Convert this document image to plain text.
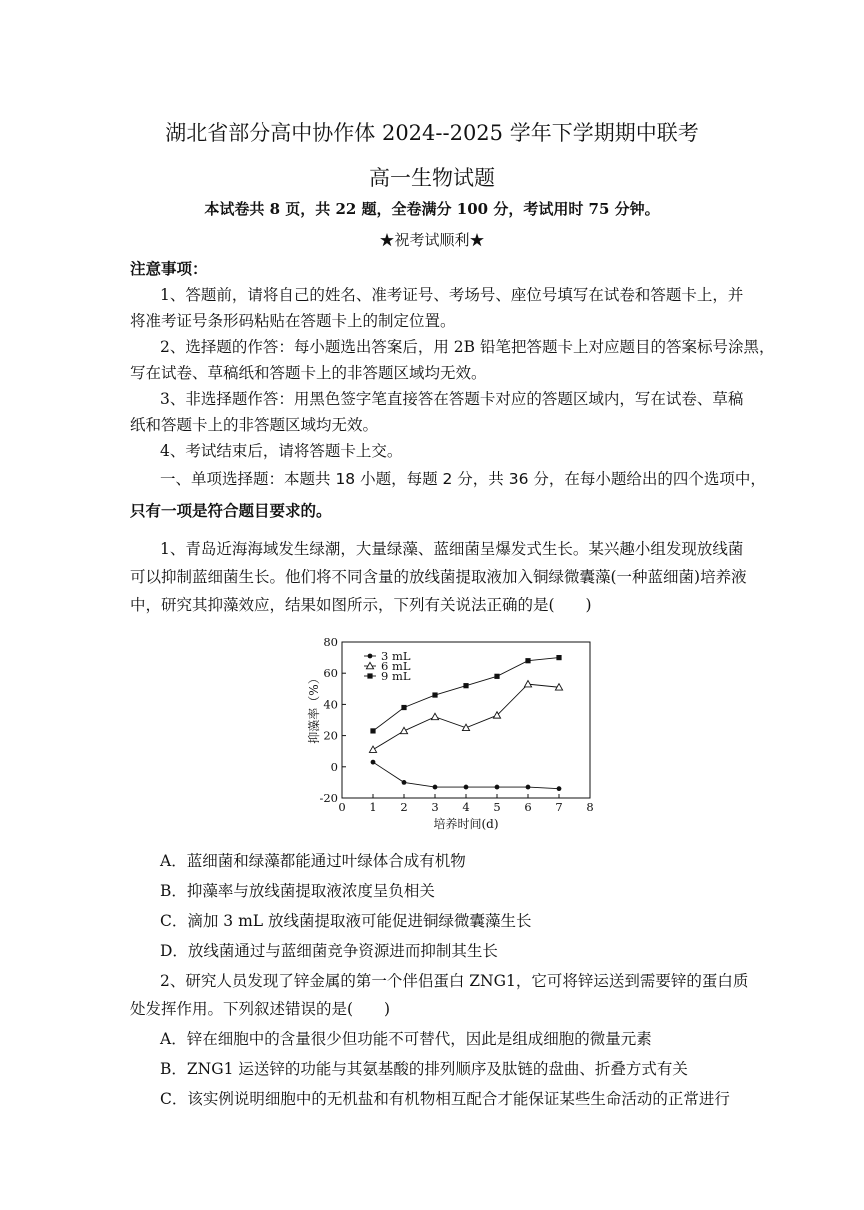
湖北省部分高中协作体 2024--2025 学年下学期期中联考
高一生物试题
本试卷共 8 页，共 22 题，全卷满分 100 分，考试用时 75 分钟。
★祝考试顺利★
注意事项：
1、答题前，请将自己的姓名、准考证号、考场号、座位号填写在试卷和答题卡上，并
将准考证号条形码粘贴在答题卡上的制定位置。
2、选择题的作答：每小题选出答案后，用 2B 铅笔把答题卡上对应题目的答案标号涂黑，
写在试卷、草稿纸和答题卡上的非答题区域均无效。
3、非选择题作答：用黑色签字笔直接答在答题卡对应的答题区域内，写在试卷、草稿
纸和答题卡上的非答题区域均无效。
4、考试结束后，请将答题卡上交。
一、单项选择题：本题共 18 小题，每题 2 分，共 36 分，在每小题给出的四个选项中，
只有一项是符合题目要求的。
1、青岛近海海域发生绿潮，大量绿藻、蓝细菌呈爆发式生长。某兴趣小组发现放线菌
可以抑制蓝细菌生长。他们将不同含量的放线菌提取液加入铜绿微囊藻(一种蓝细菌)培养液
中，研究其抑藻效应，结果如图所示，下列有关说法正确的是(　　)
0 1 2 3 4 5 6 7 8
-20
0
20
40
60
80
培养时间(d)
抑藻率（%）
3 mL
6 mL
9 mL
A．蓝细菌和绿藻都能通过叶绿体合成有机物
B．抑藻率与放线菌提取液浓度呈负相关
C．滴加 3 mL 放线菌提取液可能促进铜绿微囊藻生长
D．放线菌通过与蓝细菌竞争资源进而抑制其生长
2、研究人员发现了锌金属的第一个伴侣蛋白 ZNG1，它可将锌运送到需要锌的蛋白质
处发挥作用。下列叙述错误的是(　　)
A．锌在细胞中的含量很少但功能不可替代，因此是组成细胞的微量元素
B．ZNG1 运送锌的功能与其氨基酸的排列顺序及肽链的盘曲、折叠方式有关
C．该实例说明细胞中的无机盐和有机物相互配合才能保证某些生命活动的正常进行
